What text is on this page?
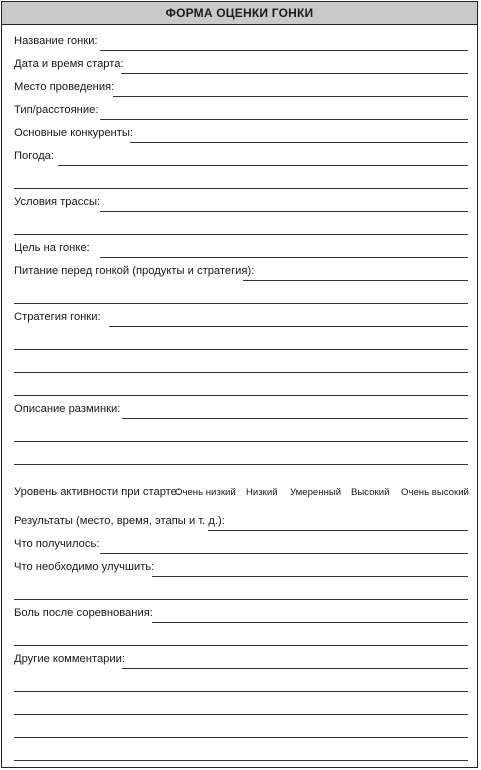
ФОРМА ОЦЕНКИ ГОНКИ
Название гонки:
Дата и время старта:
Место проведения:
Тип/расстояние:
Основные конкуренты:
Погода:
Условия трассы:
Цель на гонке:
Питание перед гонкой (продукты и стратегия):
Стратегия гонки:
Описание разминки:
Уровень активности при старте:
Очень низкий Низкий Умеренный Высокий Очень высокий
Результаты (место, время, этапы и т. д.):
Что получилось:
Что необходимо улучшить:
Боль после соревнования:
Другие комментарии:
